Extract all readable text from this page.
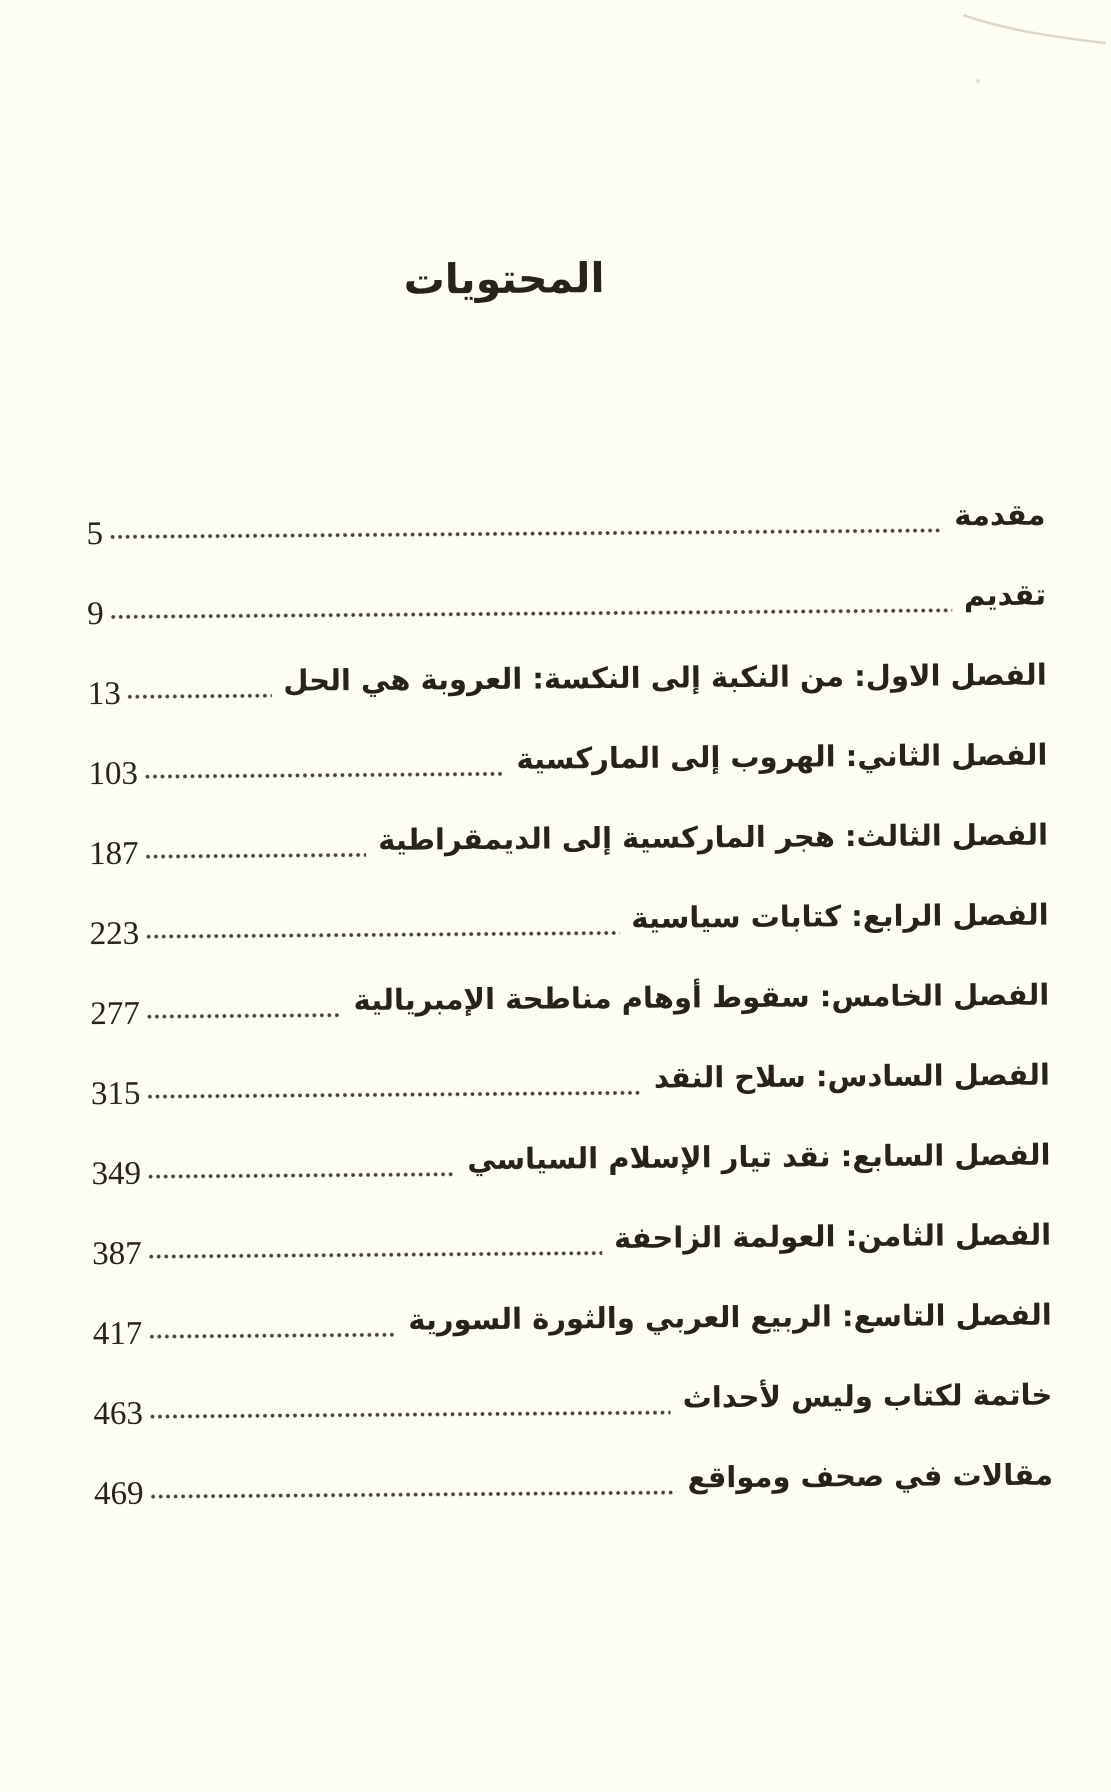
المحتويات
مقدمة
5
تقديم
9
الفصل الاول: من النكبة إلى النكسة: العروبة هي الحل
13
الفصل الثاني: الهروب إلى الماركسية
103
الفصل الثالث: هجر الماركسية إلى الديمقراطية
187
الفصل الرابع: كتابات سياسية
223
الفصل الخامس: سقوط أوهام مناطحة الإمبريالية
277
الفصل السادس: سلاح النقد
315
الفصل السابع: نقد تيار الإسلام السياسي
349
الفصل الثامن: العولمة الزاحفة
387
الفصل التاسع: الربيع العربي والثورة السورية
417
خاتمة لكتاب وليس لأحداث
463
مقالات في صحف ومواقع
469
